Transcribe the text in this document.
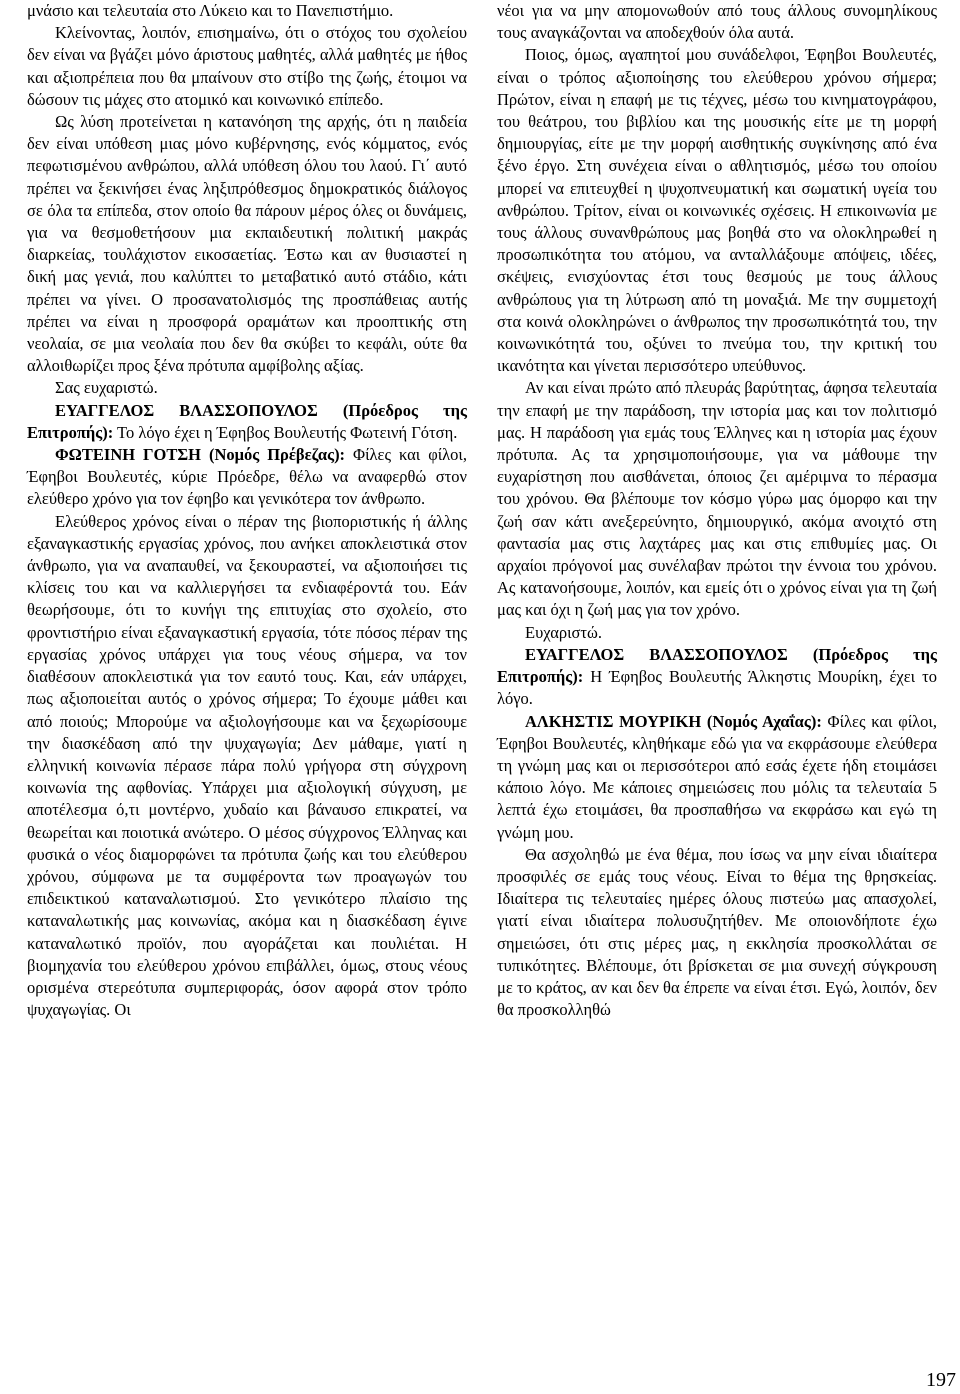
μνάσιο και τελευταία στο Λύκειο και το Πανεπιστήμιο.

Κλείνοντας, λοιπόν, επισημαίνω, ότι ο στόχος του σχολείου δεν είναι να βγάζει μόνο άριστους μαθητές, αλλά μαθητές με ήθος και αξιοπρέπεια που θα μπαίνουν στο στίβο της ζωής, έτοιμοι να δώσουν τις μάχες στο ατομικό και κοινωνικό επίπεδο.

Ως λύση προτείνεται η κατανόηση της αρχής, ότι η παιδεία δεν είναι υπόθεση μιας μόνο κυβέρνησης, ενός κόμματος, ενός πεφωτισμένου ανθρώπου, αλλά υπόθεση όλου του λαού. Γι΄ αυτό πρέπει να ξεκινήσει ένας ληξιπρόθεσμος δημοκρατικός διάλογος σε όλα τα επίπεδα, στον οποίο θα πάρουν μέρος όλες οι δυνάμεις, για να θεσμοθετήσουν μια εκπαιδευτική πολιτική μακράς διαρκείας, τουλάχιστον εικοσαετίας. Έστω και αν θυσιαστεί η δική μας γενιά, που καλύπτει το μεταβατικό αυτό στάδιο, κάτι πρέπει να γίνει. Ο προσανατολισμός της προσπάθειας αυτής πρέπει να είναι η προσφορά οραμάτων και προοπτικής στη νεολαία, σε μια νεολαία που δεν θα σκύβει το κεφάλι, ούτε θα αλλοιθωρίζει προς ξένα πρότυπα αμφίβολης αξίας.

Σας ευχαριστώ.

ΕΥΑΓΓΕΛΟΣ ΒΛΑΣΣΟΠΟΥΛΟΣ (Πρόεδρος της Επιτροπής): Το λόγο έχει η Έφηβος Βουλευτής Φωτεινή Γότση.

ΦΩΤΕΙΝΗ ΓΟΤΣΗ (Νομός Πρέβεζας): Φίλες και φίλοι, Έφηβοι Βουλευτές, κύριε Πρόεδρε, θέλω να αναφερθώ στον ελεύθερο χρόνο για τον έφηβο και γενικότερα τον άνθρωπο.

Ελεύθερος χρόνος είναι ο πέραν της βιοποριστικής ή άλλης εξαναγκαστικής εργασίας χρόνος, που ανήκει αποκλειστικά στον άνθρωπο, για να αναπαυθεί, να ξεκουραστεί, να αξιοποιήσει τις κλίσεις του και να καλλιεργήσει τα ενδιαφέροντά του. Εάν θεωρήσουμε, ότι το κυνήγι της επιτυχίας στο σχολείο, στο φροντιστήριο είναι εξαναγκαστική εργασία, τότε πόσος πέραν της εργασίας χρόνος υπάρχει για τους νέους σήμερα, να τον διαθέσουν αποκλειστικά για τον εαυτό τους. Και, εάν υπάρχει, πως αξιοποιείται αυτός ο χρόνος σήμερα; Το έχουμε μάθει και από ποιούς; Μπορούμε να αξιολογήσουμε και να ξεχωρίσουμε την διασκέδαση από την ψυχαγωγία; Δεν μάθαμε, γιατί η ελληνική κοινωνία πέρασε πάρα πολύ γρήγορα στη σύγχρονη κοινωνία της αφθονίας. Υπάρχει μια αξιολογική σύγχυση, με αποτέλεσμα ό,τι μοντέρνο, χυδαίο και βάναυσο επικρατεί, να θεωρείται και ποιοτικά ανώτερο. Ο μέσος σύγχρονος Έλληνας και φυσικά ο νέος διαμορφώνει τα πρότυπα ζωής και του ελεύθερου χρόνου, σύμφωνα με τα συμφέροντα των προαγωγών του επιδεικτικού καταναλωτισμού. Στο γενικότερο πλαίσιο της καταναλωτικής μας κοινωνίας, ακόμα και η διασκέδαση έγινε καταναλωτικό προϊόν, που αγοράζεται και πουλιέται. Η βιομηχανία του ελεύθερου χρόνου επιβάλλει, όμως, στους νέους ορισμένα στερεότυπα συμπεριφοράς, όσον αφορά στον τρόπο ψυχαγωγίας. Οι

νέοι για να μην απομονωθούν από τους άλλους συνομηλίκους τους αναγκάζονται να αποδεχθούν όλα αυτά.

Ποιος, όμως, αγαπητοί μου συνάδελφοι, Έφηβοι Βουλευτές, είναι ο τρόπος αξιοποίησης του ελεύθερου χρόνου σήμερα; Πρώτον, είναι η επαφή με τις τέχνες, μέσω του κινηματογράφου, του θεάτρου, του βιβλίου και της μουσικής είτε με τη μορφή δημιουργίας, είτε με την μορφή αισθητικής συγκίνησης από ένα ξένο έργο. Στη συνέχεια είναι ο αθλητισμός, μέσω του οποίου μπορεί να επιτευχθεί η ψυχοπνευματική και σωματική υγεία του ανθρώπου. Τρίτον, είναι οι κοινωνικές σχέσεις. Η επικοινωνία με τους άλλους συνανθρώπους μας βοηθά στο να ολοκληρωθεί η προσωπικότητα του ατόμου, να ανταλλάξουμε απόψεις, ιδέες, σκέψεις, ενισχύοντας έτσι τους θεσμούς με τους άλλους ανθρώπους για τη λύτρωση από τη μοναξιά. Με την συμμετοχή στα κοινά ολοκληρώνει ο άνθρωπος την προσωπικότητά του, την κοινωνικότητά του, οξύνει το πνεύμα του, την κριτική του ικανότητα και γίνεται περισσότερο υπεύθυνος.

Αν και είναι πρώτο από πλευράς βαρύτητας, άφησα τελευταία την επαφή με την παράδοση, την ιστορία μας και τον πολιτισμό μας. Η παράδοση για εμάς τους Έλληνες και η ιστορία μας έχουν πρότυπα. Ας τα χρησιμοποιήσουμε, για να μάθουμε την ευχαρίστηση που αισθάνεται, όποιος ζει αμέριμνα το πέρασμα του χρόνου. Θα βλέπουμε τον κόσμο γύρω μας όμορφο και την ζωή σαν κάτι ανεξερεύνητο, δημιουργικό, ακόμα ανοιχτό στη φαντασία μας στις λαχτάρες μας και στις επιθυμίες μας. Οι αρχαίοι πρόγονοί μας συνέλαβαν πρώτοι την έννοια του χρόνου. Ας κατανοήσουμε, λοιπόν, και εμείς ότι ο χρόνος είναι για τη ζωή μας και όχι η ζωή μας για τον χρόνο.

Ευχαριστώ.

ΕΥΑΓΓΕΛΟΣ ΒΛΑΣΣΟΠΟΥΛΟΣ (Πρόεδρος της Επιτροπής): Η Έφηβος Βουλευτής Άλκηστις Μουρίκη, έχει το λόγο.

ΑΛΚΗΣΤΙΣ ΜΟΥΡΙΚΗ (Νομός Αχαΐας): Φίλες και φίλοι, Έφηβοι Βουλευτές, κληθήκαμε εδώ για να εκφράσουμε ελεύθερα τη γνώμη μας και οι περισσότεροι από εσάς έχετε ήδη ετοιμάσει κάποιο λόγο. Με κάποιες σημειώσεις που μόλις τα τελευταία 5 λεπτά έχω ετοιμάσει, θα προσπαθήσω να εκφράσω και εγώ τη γνώμη μου.

Θα ασχοληθώ με ένα θέμα, που ίσως να μην είναι ιδιαίτερα προσφιλές σε εμάς τους νέους. Είναι το θέμα της θρησκείας. Ιδιαίτερα τις τελευταίες ημέρες όλους πιστεύω μας απασχολεί, γιατί είναι ιδιαίτερα πολυσυζητήθεν. Με οποιονδήποτε έχω σημειώσει, ότι στις μέρες μας, η εκκλησία προσκολλάται σε τυπικότητες. Βλέπουμε, ότι βρίσκεται σε μια συνεχή σύγκρουση με το κράτος, αν και δεν θα έπρεπε να είναι έτσι. Εγώ, λοιπόν, δεν θα προσκολληθώ

197
